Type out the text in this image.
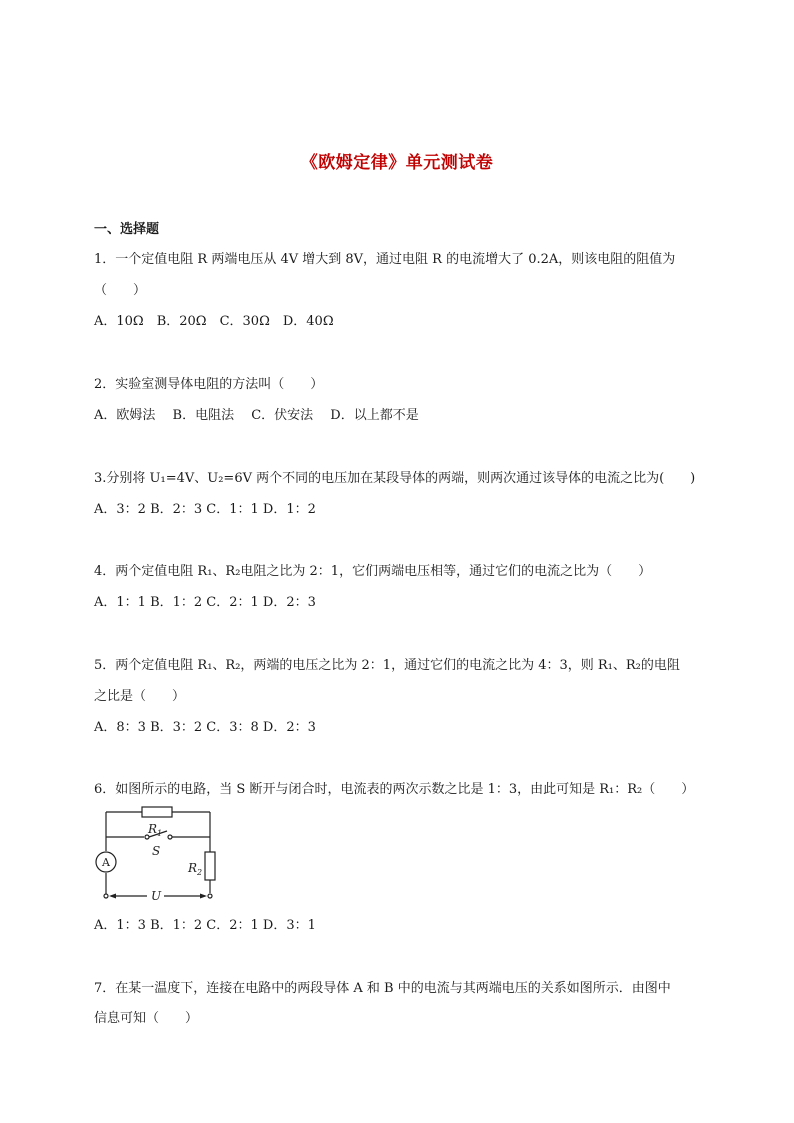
《欧姆定律》单元测试卷
一、选择题
1．一个定值电阻 R 两端电压从 4V 增大到 8V，通过电阻 R 的电流增大了 0.2A，则该电阻的阻值为
（　　）
A．10Ω　B．20Ω　C．30Ω　D．40Ω
2．实验室测导体电阻的方法叫（　　）
A．欧姆法　 B．电阻法　 C．伏安法　 D．以上都不是
3.分别将 U₁=4V、U₂=6V 两个不同的电压加在某段导体的两端，则两次通过该导体的电流之比为(　　)
A．3：2 B．2：3 C．1：1 D．1：2
4．两个定值电阻 R₁、R₂电阻之比为 2：1，它们两端电压相等，通过它们的电流之比为（　　）
A．1：1 B．1：2 C．2：1 D．2：3
5．两个定值电阻 R₁、R₂，两端的电压之比为 2：1，通过它们的电流之比为 4：3，则 R₁、R₂的电阻
之比是（　　）
A．8：3 B．3：2 C．3：8 D．2：3
6．如图所示的电路，当 S 断开与闭合时，电流表的两次示数之比是 1：3，由此可知是 R₁：R₂（　　）
$R_1$
S
A	$R_2$
U
A．1：3 B．1：2 C．2：1 D．3：1
7．在某一温度下，连接在电路中的两段导体 A 和 B 中的电流与其两端电压的关系如图所示．由图中
信息可知（　　）
